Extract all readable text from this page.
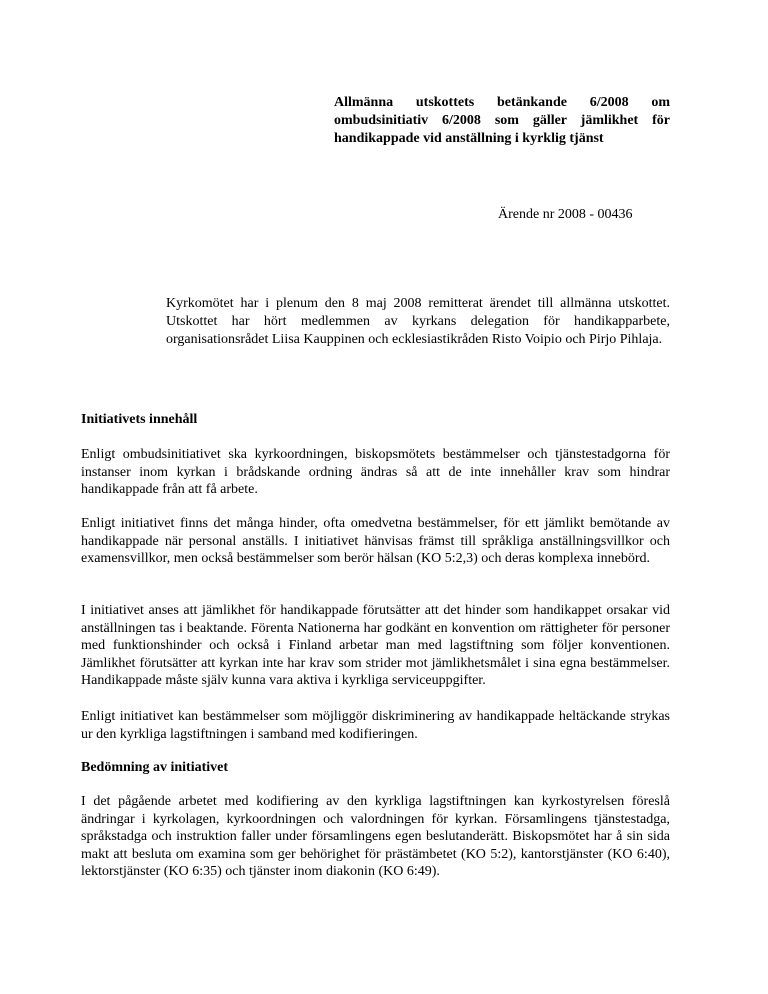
Allmänna utskottets betänkande 6/2008 om ombudsinitiativ 6/2008 som gäller jämlikhet för handikappade vid anställning i kyrklig tjänst

Ärende nr 2008 - 00436

Kyrkomötet har i plenum den 8 maj 2008 remitterat ärendet till allmänna utskottet. Utskottet har hört medlemmen av kyrkans delegation för handikapparbete, organisationsrådet Liisa Kauppinen och ecklesiastikråden Risto Voipio och Pirjo Pihlaja.

Initiativets innehåll

Enligt ombudsinitiativet ska kyrkoordningen, biskopsmötets bestämmelser och tjänstestadgorna för instanser inom kyrkan i brådskande ordning ändras så att de inte innehåller krav som hindrar handikappade från att få arbete.

Enligt initiativet finns det många hinder, ofta omedvetna bestämmelser, för ett jämlikt bemötande av handikappade när personal anställs. I initiativet hänvisas främst till språkliga anställningsvillkor och examensvillkor, men också bestämmelser som berör hälsan (KO 5:2,3) och deras komplexa innebörd.

I initiativet anses att jämlikhet för handikappade förutsätter att det hinder som handikappet orsakar vid anställningen tas i beaktande. Förenta Nationerna har godkänt en konvention om rättigheter för personer med funktionshinder och också i Finland arbetar man med lagstiftning som följer konventionen. Jämlikhet förutsätter att kyrkan inte har krav som strider mot jämlikhetsmålet i sina egna bestämmelser. Handikappade måste själv kunna vara aktiva i kyrkliga serviceuppgifter.

Enligt initiativet kan bestämmelser som möjliggör diskriminering av handikappade heltäckande strykas ur den kyrkliga lagstiftningen i samband med kodifieringen.

Bedömning av initiativet

I det pågående arbetet med kodifiering av den kyrkliga lagstiftningen kan kyrkostyrelsen föreslå ändringar i kyrkolagen, kyrkoordningen och valordningen för kyrkan. Församlingens tjänstestadga, språkstadga och instruktion faller under församlingens egen beslutanderätt. Biskopsmötet har å sin sida makt att besluta om examina som ger behörighet för prästämbetet (KO 5:2), kantorstjänster (KO 6:40), lektorstjänster (KO 6:35) och tjänster inom diakonin (KO 6:49).
